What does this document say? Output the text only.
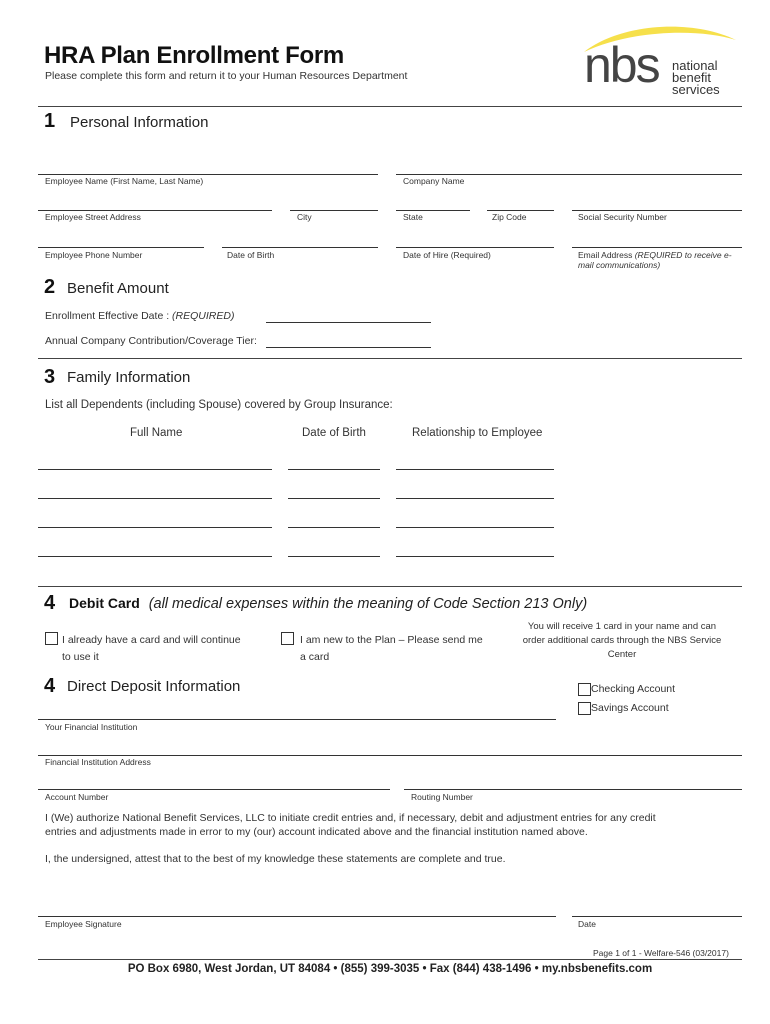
HRA Plan Enrollment Form
Please complete this form and return it to your Human Resources Department	nbs national
benefit
services
1 Personal Information
Employee Name (First Name, Last Name)	Company Name
Employee Street Address	City	State	Zip Code	Social Security Number
Employee Phone Number	Date of Birth	Date of Hire (Required)	Email Address (REQUIRED to receive e-
mail communications)
2 Benefit Amount
Enrollment Effective Date : (REQUIRED)
Annual Company Contribution/Coverage Tier:
3 Family Information
List all Dependents (including Spouse) covered by Group Insurance:
Full Name	Date of Birth	Relationship to Employee
4 Debit Card (all medical expenses within the meaning of Code Section 213 Only)
I already have a card and will continue
to use it
I am new to the Plan – Please send me
a card
You will receive 1 card in your name and can
order additional cards through the NBS Service
Center
4 Direct Deposit Information	Checking Account
Savings Account
Your Financial Institution
Financial Institution Address
Account Number	Routing Number
I (We) authorize National Benefit Services, LLC to initiate credit entries and, if necessary, debit and adjustment entries for any credit
entries and adjustments made in error to my (our) account indicated above and the financial institution named above.
I, the undersigned, attest that to the best of my knowledge these statements are complete and true.
Employee Signature	Date
Page 1 of 1 - Welfare-546 (03/2017)
PO Box 6980, West Jordan, UT 84084 • (855) 399-3035 • Fax (844) 438-1496 • my.nbsbenefits.com
